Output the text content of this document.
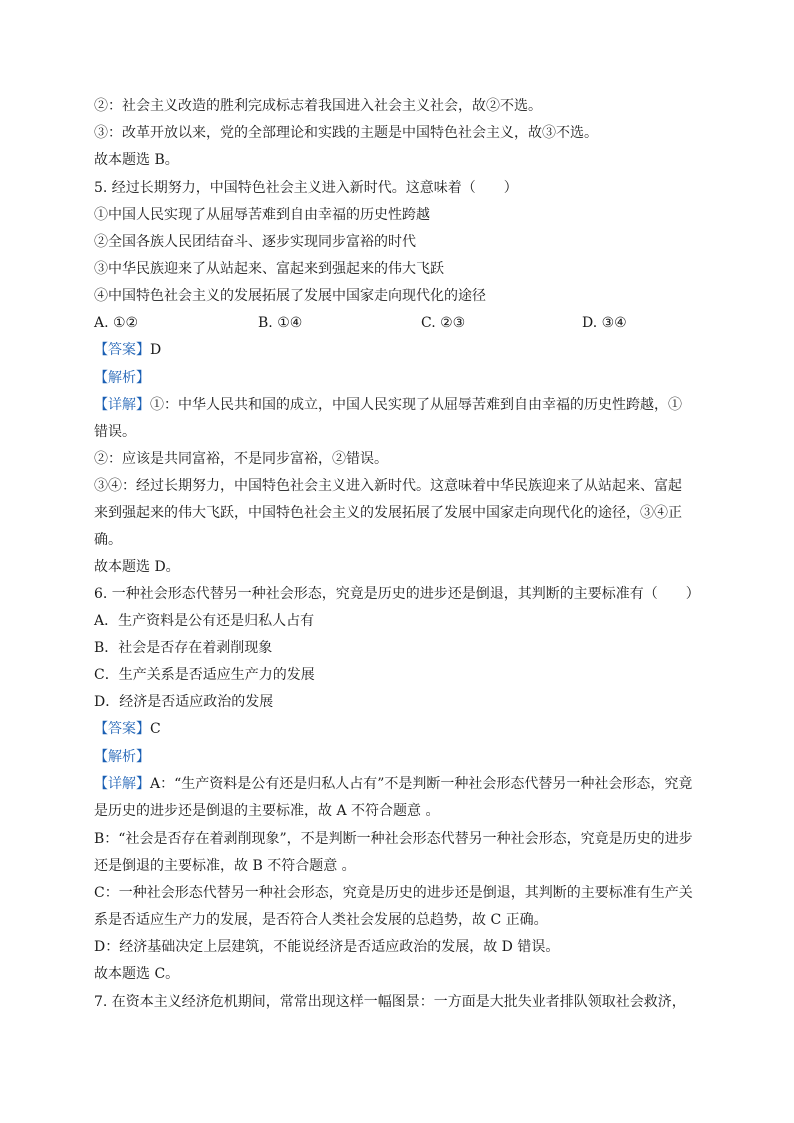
②：社会主义改造的胜利完成标志着我国进入社会主义社会，故②不选。
③：改革开放以来，党的全部理论和实践的主题是中国特色社会主义，故③不选。
故本题选 B。
5. 经过长期努力，中国特色社会主义进入新时代。这意味着（　　）
①中国人民实现了从屈辱苦难到自由幸福的历史性跨越
②全国各族人民团结奋斗、逐步实现同步富裕的时代
③中华民族迎来了从站起来、富起来到强起来的伟大飞跃
④中国特色社会主义的发展拓展了发展中国家走向现代化的途径
A. ①②	B. ①④	C. ②③	D. ③④
【答案】D
【解析】
【详解】①：中华人民共和国的成立，中国人民实现了从屈辱苦难到自由幸福的历史性跨越，①
错误。
②：应该是共同富裕，不是同步富裕，②错误。
③④：经过长期努力，中国特色社会主义进入新时代。这意味着中华民族迎来了从站起来、富起
来到强起来的伟大飞跃，中国特色社会主义的发展拓展了发展中国家走向现代化的途径，③④正
确。
故本题选 D。
6. 一种社会形态代替另一种社会形态，究竟是历史的进步还是倒退，其判断的主要标准有（　　）
A．生产资料是公有还是归私人占有
B．社会是否存在着剥削现象
C．生产关系是否适应生产力的发展
D．经济是否适应政治的发展
【答案】C
【解析】
【详解】A：“生产资料是公有还是归私人占有”不是判断一种社会形态代替另一种社会形态，究竟
是历史的进步还是倒退的主要标准，故 A 不符合题意 。
B：“社会是否存在着剥削现象”，不是判断一种社会形态代替另一种社会形态，究竟是历史的进步
还是倒退的主要标准，故 B 不符合题意 。
C：一种社会形态代替另一种社会形态，究竟是历史的进步还是倒退，其判断的主要标准有生产关
系是否适应生产力的发展，是否符合人类社会发展的总趋势，故 C 正确。
D：经济基础决定上层建筑，不能说经济是否适应政治的发展，故 D 错误。
故本题选 C。
7. 在资本主义经济危机期间，常常出现这样一幅图景：一方面是大批失业者排队领取社会救济，
